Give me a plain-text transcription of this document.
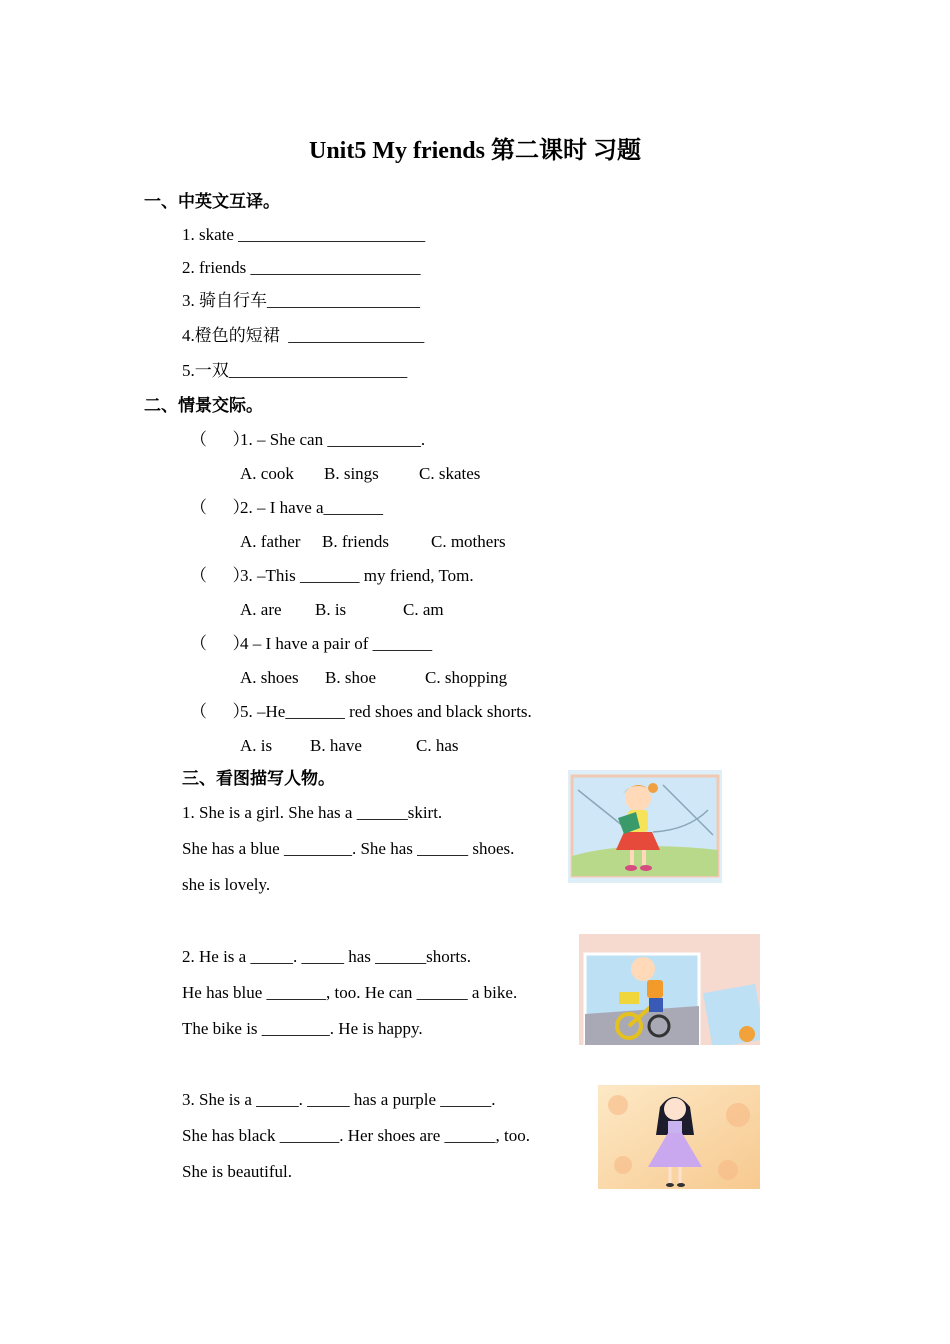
Unit5 My friends 第二课时 习题
一、中英文互译。
1. skate ______________________
2. friends ____________________
3. 骑自行车__________________
4.橙色的短裙  ________________
5.一双_____________________
二、情景交际。
（      ）
1. – She can ___________.
A. cook B. sings C. skates
（      ）
2. – I have a_______
A. father B. friends C. mothers
（      ）
3. –This _______ my friend, Tom.
A. are B. is	C. am
（      ）
4 – I have a pair of _______
A. shoes B. shoe	C. shopping
（      ）
5. –He_______ red shoes and black shorts.
A. is B. have	C. has
三、看图描写人物。
1. She is a girl. She has a ______skirt.
She has a blue ________. She has ______ shoes.
she is lovely.
2. He is a _____. _____ has ______shorts.
He has blue _______, too. He can ______ a bike.
The bike is ________. He is happy.
3. She is a _____. _____ has a purple ______.
She has black _______. Her shoes are ______, too.
She is beautiful.
